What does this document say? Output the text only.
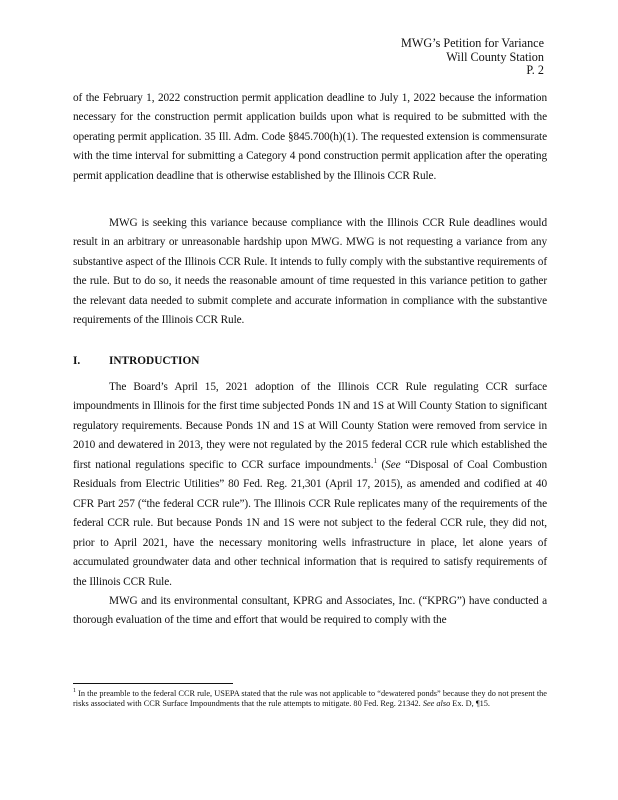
MWG’s Petition for Variance
Will County Station
P. 2

of the February 1, 2022 construction permit application deadline to July 1, 2022 because the information necessary for the construction permit application builds upon what is required to be submitted with the operating permit application. 35 Ill. Adm. Code §845.700(h)(1). The requested extension is commensurate with the time interval for submitting a Category 4 pond construction permit application after the operating permit application deadline that is otherwise established by the Illinois CCR Rule.

MWG is seeking this variance because compliance with the Illinois CCR Rule deadlines would result in an arbitrary or unreasonable hardship upon MWG. MWG is not requesting a variance from any substantive aspect of the Illinois CCR Rule. It intends to fully comply with the substantive requirements of the rule. But to do so, it needs the reasonable amount of time requested in this variance petition to gather the relevant data needed to submit complete and accurate information in compliance with the substantive requirements of the Illinois CCR Rule.

I.	INTRODUCTION

The Board’s April 15, 2021 adoption of the Illinois CCR Rule regulating CCR surface impoundments in Illinois for the first time subjected Ponds 1N and 1S at Will County Station to significant regulatory requirements. Because Ponds 1N and 1S at Will County Station were removed from service in 2010 and dewatered in 2013, they were not regulated by the 2015 federal CCR rule which established the first national regulations specific to CCR surface impoundments.$^1$ (See “Disposal of Coal Combustion Residuals from Electric Utilities” 80 Fed. Reg. 21,301 (April 17, 2015), as amended and codified at 40 CFR Part 257 (“the federal CCR rule”). The Illinois CCR Rule replicates many of the requirements of the federal CCR rule. But because Ponds 1N and 1S were not subject to the federal CCR rule, they did not, prior to April 2021, have the necessary monitoring wells infrastructure in place, let alone years of accumulated groundwater data and other technical information that is required to satisfy requirements of the Illinois CCR Rule.

MWG and its environmental consultant, KPRG and Associates, Inc. (“KPRG”) have conducted a thorough evaluation of the time and effort that would be required to comply with the

$^1$ In the preamble to the federal CCR rule, USEPA stated that the rule was not applicable to “dewatered ponds” because they do not present the risks associated with CCR Surface Impoundments that the rule attempts to mitigate. 80 Fed. Reg. 21342. See also Ex. D, ¶15.
